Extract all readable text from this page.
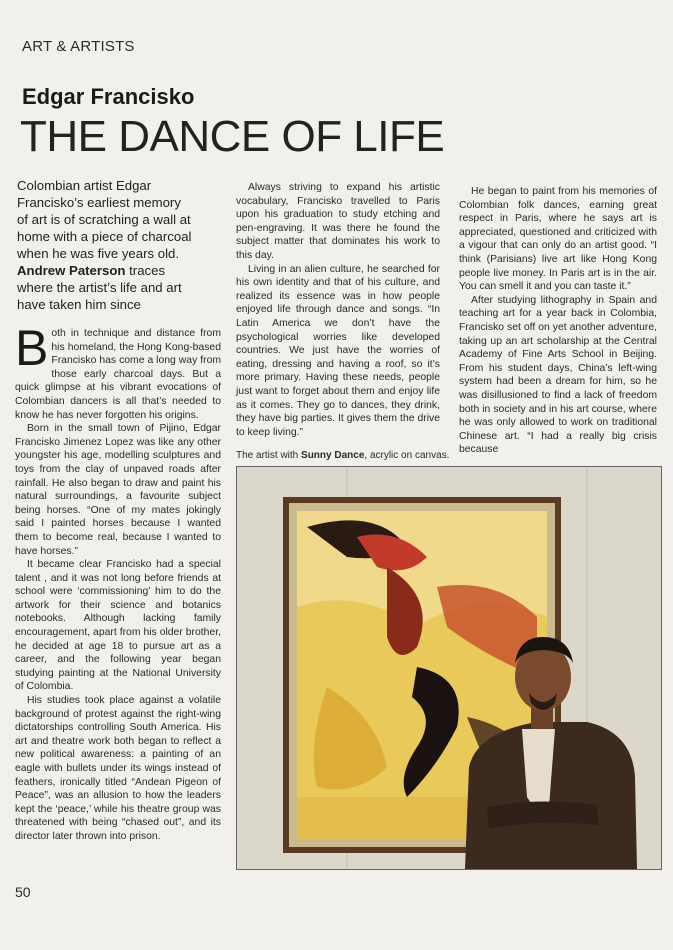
ART & ARTISTS
Edgar Francisko
THE DANCE OF LIFE
Colombian artist Edgar Francisko’s earliest memory of art is of scratching a wall at home with a piece of charcoal when he was five years old.
Andrew Paterson traces where the artist’s life and art have taken him since

Both in technique and distance from his homeland, the Hong Kong-based Francisko has come a long way from those early charcoal days. But a quick glimpse at his vibrant evocations of Colombian dancers is all that’s needed to know he has never forgotten his origins.

Born in the small town of Pijino, Edgar Francisko Jimenez Lopez was like any other youngster his age, modelling sculptures and toys from the clay of unpaved roads after rainfall. He also began to draw and paint his natural surroundings, a favourite subject being horses. “One of my mates jokingly said I painted horses because I wanted them to become real, because I wanted to have horses.”

It became clear Francisko had a special talent , and it was not long before friends at school were ‘commissioning’ him to do the artwork for their science and botanics notebooks. Although lacking family encouragement, apart from his older brother, he decided at age 18 to pursue art as a career, and the following year began studying painting at the National University of Colombia.

His studies took place against a volatile background of protest against the right-wing dictatorships controlling South America. His art and theatre work both began to reflect a new political awareness: a painting of an eagle with bullets under its wings instead of feathers, ironically titled “Andean Pigeon of Peace”, was an allusion to how the leaders kept the ‘peace,’ while his theatre group was threatened with being “chased out”, and its director later thrown into prison.

Always striving to expand his artistic vocabulary, Francisko travelled to Paris upon his graduation to study etching and pen-engraving. It was there he found the subject matter that dominates his work to this day.

Living in an alien culture, he searched for his own identity and that of his culture, and realized its essence was in how people enjoyed life through dance and songs. “In Latin America we don’t have the psychological worries like developed countries. We just have the worries of eating, dressing and having a roof, so it’s more primary. Having these needs, people just want to forget about them and enjoy life as it comes. They go to dances, they drink, they have big parties. It gives them the drive to keep living.”

He began to paint from his memories of Colombian folk dances, earning great respect in Paris, where he says art is appreciated, questioned and criticized with a vigour that can only do an artist good. “I think (Parisians) live art like Hong Kong people live money. In Paris art is in the air. You can smell it and you can taste it.”

After studying lithography in Spain and teaching art for a year back in Colombia, Francisko set off on yet another adventure, taking up an art scholarship at the Central Academy of Fine Arts School in Beijing. From his student days, China’s left-wing system had been a dream for him, so he was disillusioned to find a lack of freedom both in society and in his art course, where he was only allowed to work on traditional Chinese art. “I had a really big crisis because

The artist with Sunny Dance, acrylic on canvas.
50
